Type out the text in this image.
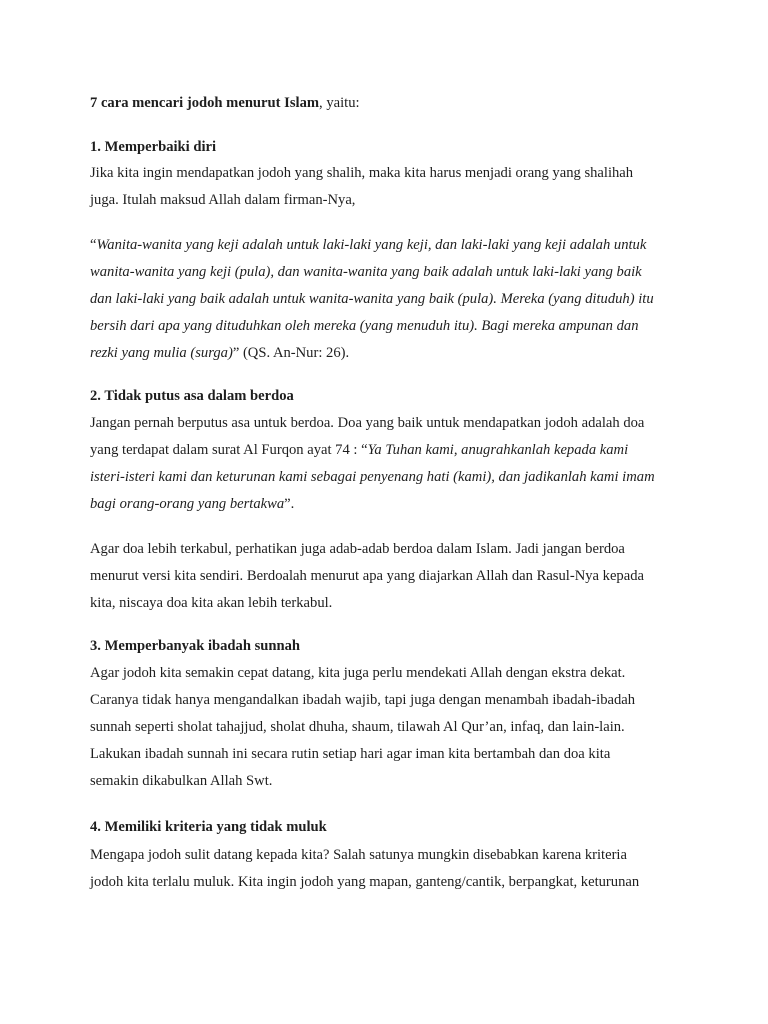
7 cara mencari jodoh menurut Islam, yaitu:
1. Memperbaiki diri
Jika kita ingin mendapatkan jodoh yang shalih, maka kita harus menjadi orang yang shalihah
juga. Itulah maksud Allah dalam firman-Nya,
“Wanita-wanita yang keji adalah untuk laki-laki yang keji, dan laki-laki yang keji adalah untuk
wanita-wanita yang keji (pula), dan wanita-wanita yang baik adalah untuk laki-laki yang baik
dan laki-laki yang baik adalah untuk wanita-wanita yang baik (pula). Mereka (yang dituduh) itu
bersih dari apa yang dituduhkan oleh mereka (yang menuduh itu). Bagi mereka ampunan dan
rezki yang mulia (surga)” (QS. An-Nur: 26).
2. Tidak putus asa dalam berdoa
Jangan pernah berputus asa untuk berdoa. Doa yang baik untuk mendapatkan jodoh adalah doa
yang terdapat dalam surat Al Furqon ayat 74 : “Ya Tuhan kami, anugrahkanlah kepada kami
isteri-isteri kami dan keturunan kami sebagai penyenang hati (kami), dan jadikanlah kami imam
bagi orang-orang yang bertakwa”.
Agar doa lebih terkabul, perhatikan juga adab-adab berdoa dalam Islam. Jadi jangan berdoa
menurut versi kita sendiri. Berdoalah menurut apa yang diajarkan Allah dan Rasul-Nya kepada
kita, niscaya doa kita akan lebih terkabul.
3. Memperbanyak ibadah sunnah
Agar jodoh kita semakin cepat datang, kita juga perlu mendekati Allah dengan ekstra dekat.
Caranya tidak hanya mengandalkan ibadah wajib, tapi juga dengan menambah ibadah-ibadah
sunnah seperti sholat tahajjud, sholat dhuha, shaum, tilawah Al Qur’an, infaq, dan lain-lain.
Lakukan ibadah sunnah ini secara rutin setiap hari agar iman kita bertambah dan doa kita
semakin dikabulkan Allah Swt.
4. Memiliki kriteria yang tidak muluk
Mengapa jodoh sulit datang kepada kita? Salah satunya mungkin disebabkan karena kriteria
jodoh kita terlalu muluk. Kita ingin jodoh yang mapan, ganteng/cantik, berpangkat, keturunan
